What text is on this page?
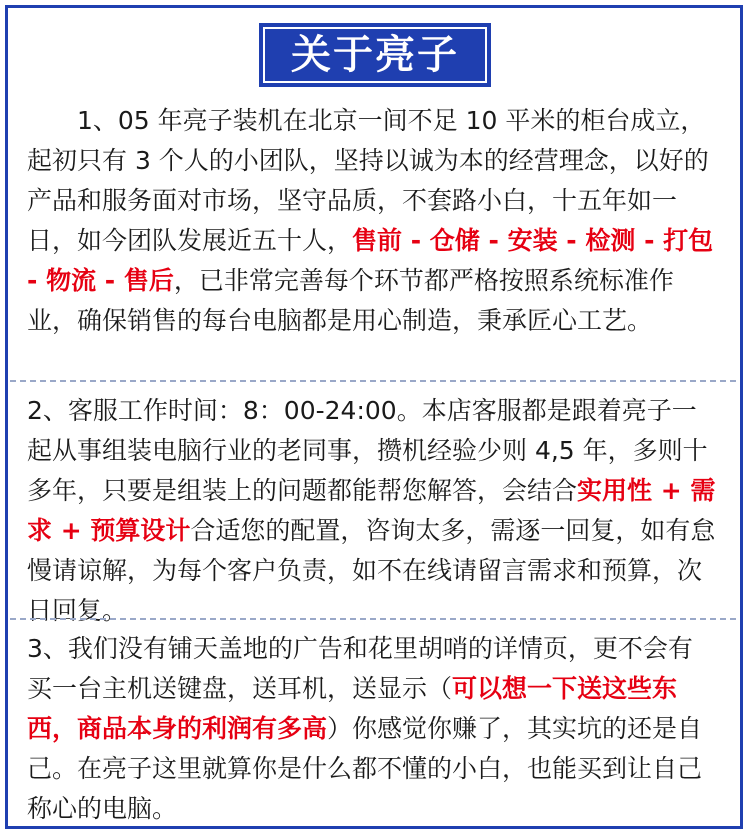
关于亮子
1、05 年亮子装机在北京一间不足 10 平米的柜台成立，起初只有 3 个人的小团队，坚持以诚为本的经营理念，以好的产品和服务面对市场，坚守品质，不套路小白，十五年如一日，如今团队发展近五十人，售前 - 仓储 - 安装 - 检测 - 打包 - 物流 - 售后，已非常完善每个环节都严格按照系统标准作业，确保销售的每台电脑都是用心制造，秉承匠心工艺。
2、客服工作时间：8：00-24:00。本店客服都是跟着亮子一起从事组装电脑行业的老同事，攒机经验少则 4,5 年，多则十多年，只要是组装上的问题都能帮您解答，会结合实用性 + 需求 + 预算设计合适您的配置，咨询太多，需逐一回复，如有怠慢请谅解，为每个客户负责，如不在线请留言需求和预算，次日回复。
3、我们没有铺天盖地的广告和花里胡哨的详情页，更不会有买一台主机送键盘，送耳机，送显示（可以想一下送这些东西，商品本身的利润有多高）你感觉你赚了，其实坑的还是自己。在亮子这里就算你是什么都不懂的小白，也能买到让自己称心的电脑。
